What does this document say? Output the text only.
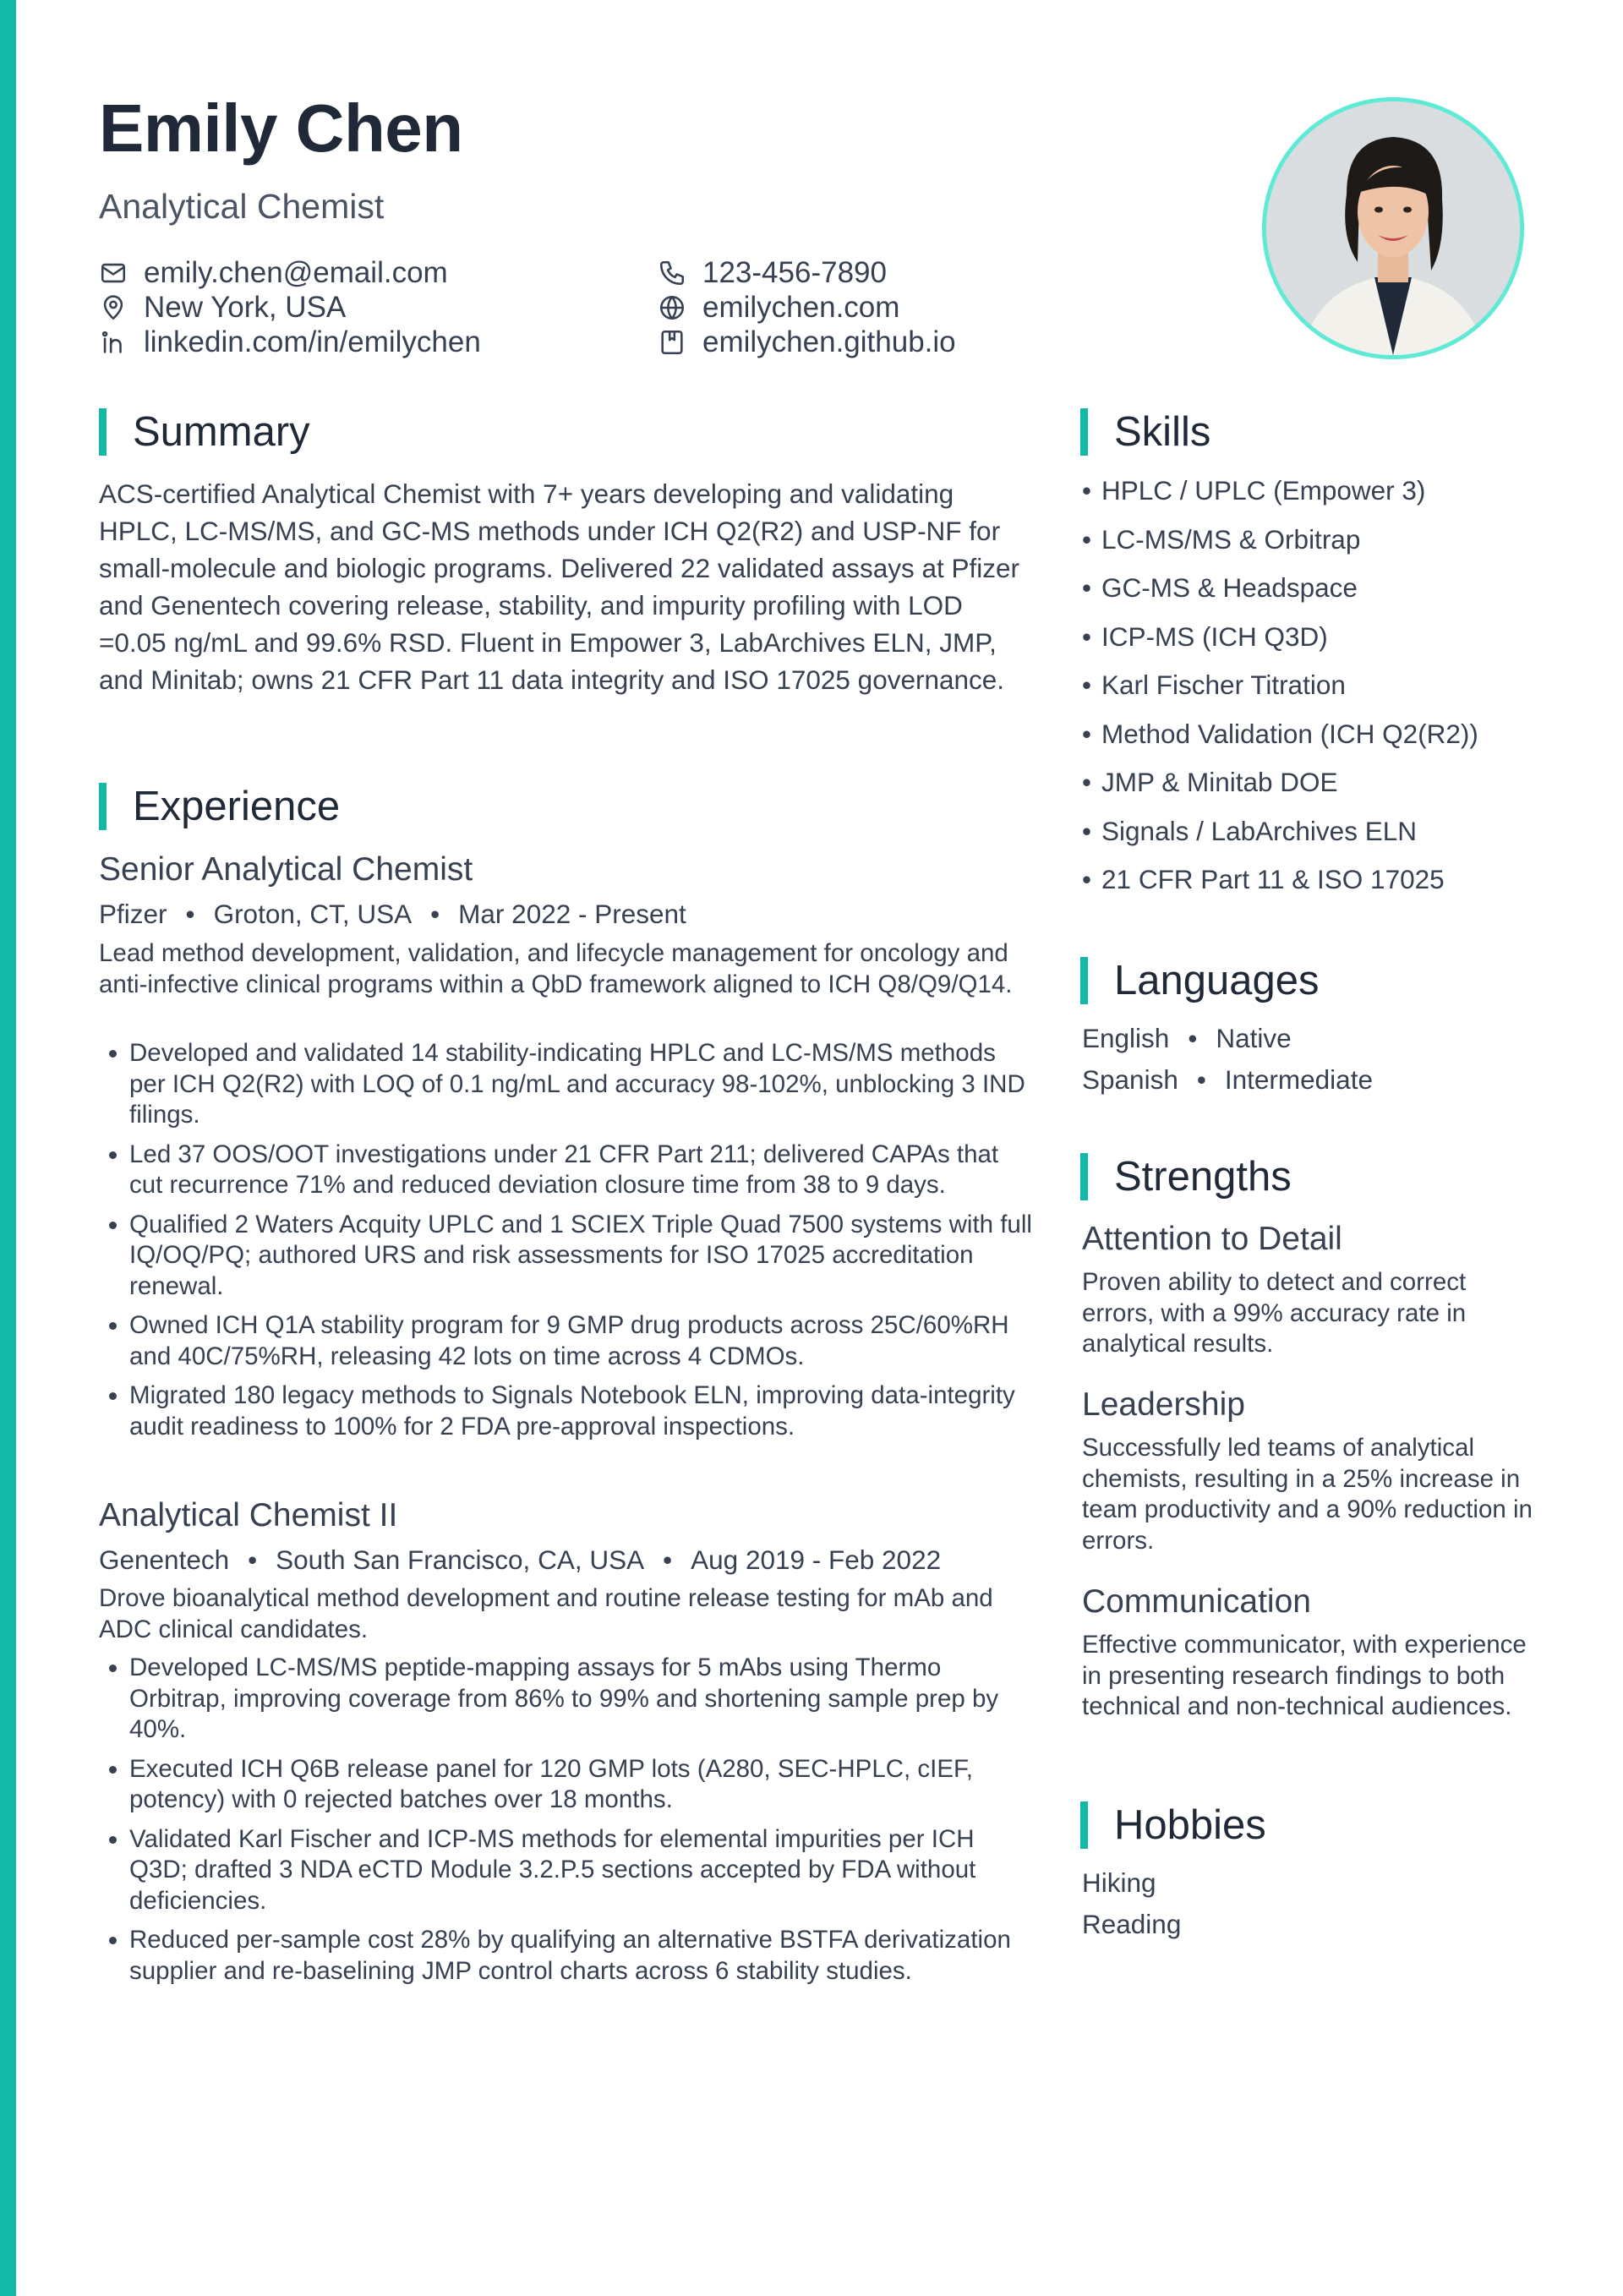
Emily Chen
Analytical Chemist
emily.chen@email.com
New York, USA
linkedin.com/in/emilychen
123-456-7890
emilychen.com
emilychen.github.io
Summary

ACS-certified Analytical Chemist with 7+ years developing and validating HPLC, LC-MS/MS, and GC-MS methods under ICH Q2(R2) and USP-NF for small-molecule and biologic programs. Delivered 22 validated assays at Pfizer and Genentech covering release, stability, and impurity profiling with LOD =0.05 ng/mL and 99.6% RSD. Fluent in Empower 3, LabArchives ELN, JMP, and Minitab; owns 21 CFR Part 11 data integrity and ISO 17025 governance.

Experience
Senior Analytical Chemist
Pfizer • Groton, CT, USA • Mar 2022 - Present

Lead method development, validation, and lifecycle management for oncology and anti-infective clinical programs within a QbD framework aligned to ICH Q8/Q9/Q14.

• Developed and validated 14 stability-indicating HPLC and LC-MS/MS methods per ICH Q2(R2) with LOQ of 0.1 ng/mL and accuracy 98-102%, unblocking 3 IND filings.
• Led 37 OOS/OOT investigations under 21 CFR Part 211; delivered CAPAs that cut recurrence 71% and reduced deviation closure time from 38 to 9 days.
• Qualified 2 Waters Acquity UPLC and 1 SCIEX Triple Quad 7500 systems with full IQ/OQ/PQ; authored URS and risk assessments for ISO 17025 accreditation renewal.
• Owned ICH Q1A stability program for 9 GMP drug products across 25C/60%RH and 40C/75%RH, releasing 42 lots on time across 4 CDMOs.
• Migrated 180 legacy methods to Signals Notebook ELN, improving data-integrity audit readiness to 100% for 2 FDA pre-approval inspections.
Analytical Chemist II
Genentech • South San Francisco, CA, USA • Aug 2019 - Feb 2022

Drove bioanalytical method development and routine release testing for mAb and ADC clinical candidates.

• Developed LC-MS/MS peptide-mapping assays for 5 mAbs using Thermo Orbitrap, improving coverage from 86% to 99% and shortening sample prep by 40%.
• Executed ICH Q6B release panel for 120 GMP lots (A280, SEC-HPLC, cIEF, potency) with 0 rejected batches over 18 months.
• Validated Karl Fischer and ICP-MS methods for elemental impurities per ICH Q3D; drafted 3 NDA eCTD Module 3.2.P.5 sections accepted by FDA without deficiencies.
• Reduced per-sample cost 28% by qualifying an alternative BSTFA derivatization supplier and re-baselining JMP control charts across 6 stability studies.
Skills
• HPLC / UPLC (Empower 3)
• LC-MS/MS & Orbitrap
• GC-MS & Headspace
• ICP-MS (ICH Q3D)
• Karl Fischer Titration
• Method Validation (ICH Q2(R2))
• JMP & Minitab DOE
• Signals / LabArchives ELN
• 21 CFR Part 11 & ISO 17025
Languages
English • Native
Spanish • Intermediate
Strengths
Attention to Detail

Proven ability to detect and correct errors, with a 99% accuracy rate in analytical results.

Leadership

Successfully led teams of analytical chemists, resulting in a 25% increase in team productivity and a 90% reduction in errors.

Communication

Effective communicator, with experience in presenting research findings to both technical and non-technical audiences.

Hobbies
Hiking
Reading
